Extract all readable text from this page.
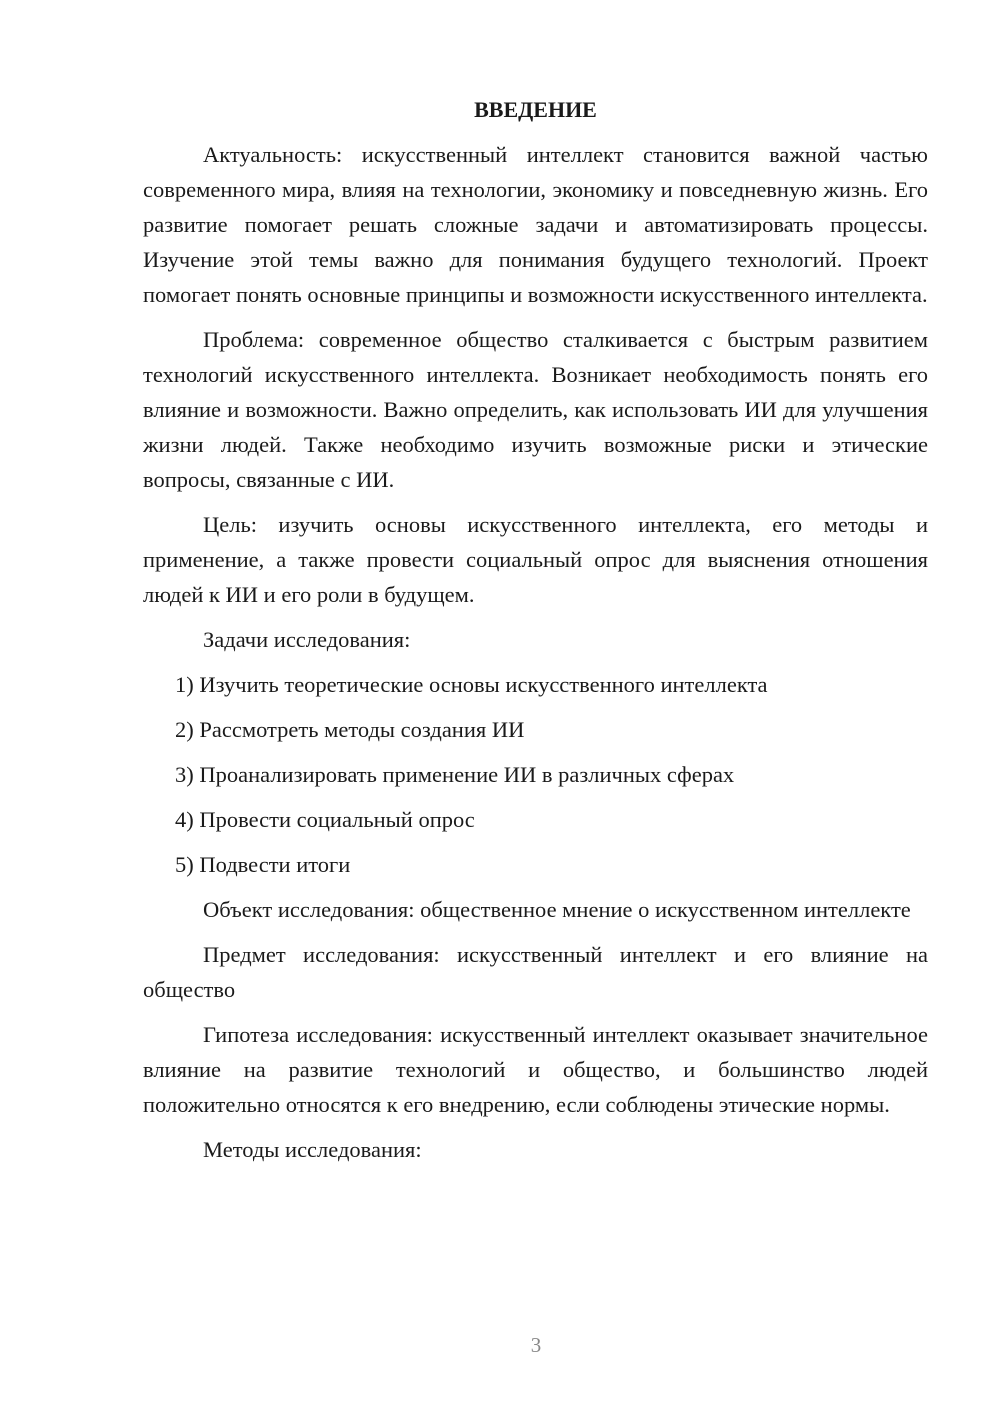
ВВЕДЕНИЕ

Актуальность: искусственный интеллект становится важной частью современного мира, влияя на технологии, экономику и повседневную жизнь. Его развитие помогает решать сложные задачи и автоматизировать процессы. Изучение этой темы важно для понимания будущего технологий. Проект помогает понять основные принципы и возможности искусственного интеллекта.

Проблема: современное общество сталкивается с быстрым развитием технологий искусственного интеллекта. Возникает необходимость понять его влияние и возможности. Важно определить, как использовать ИИ для улучшения жизни людей. Также необходимо изучить возможные риски и этические вопросы, связанные с ИИ.

Цель: изучить основы искусственного интеллекта, его методы и применение, а также провести социальный опрос для выяснения отношения людей к ИИ и его роли в будущем.

Задачи исследования:

1) Изучить теоретические основы искусственного интеллекта
2) Рассмотреть методы создания ИИ
3) Проанализировать применение ИИ в различных сферах
4) Провести социальный опрос
5) Подвести итоги

Объект исследования: общественное мнение о искусственном интеллекте

Предмет исследования: искусственный интеллект и его влияние на общество

Гипотеза исследования: искусственный интеллект оказывает значительное влияние на развитие технологий и общество, и большинство людей положительно относятся к его внедрению, если соблюдены этические нормы.

Методы исследования:

3
